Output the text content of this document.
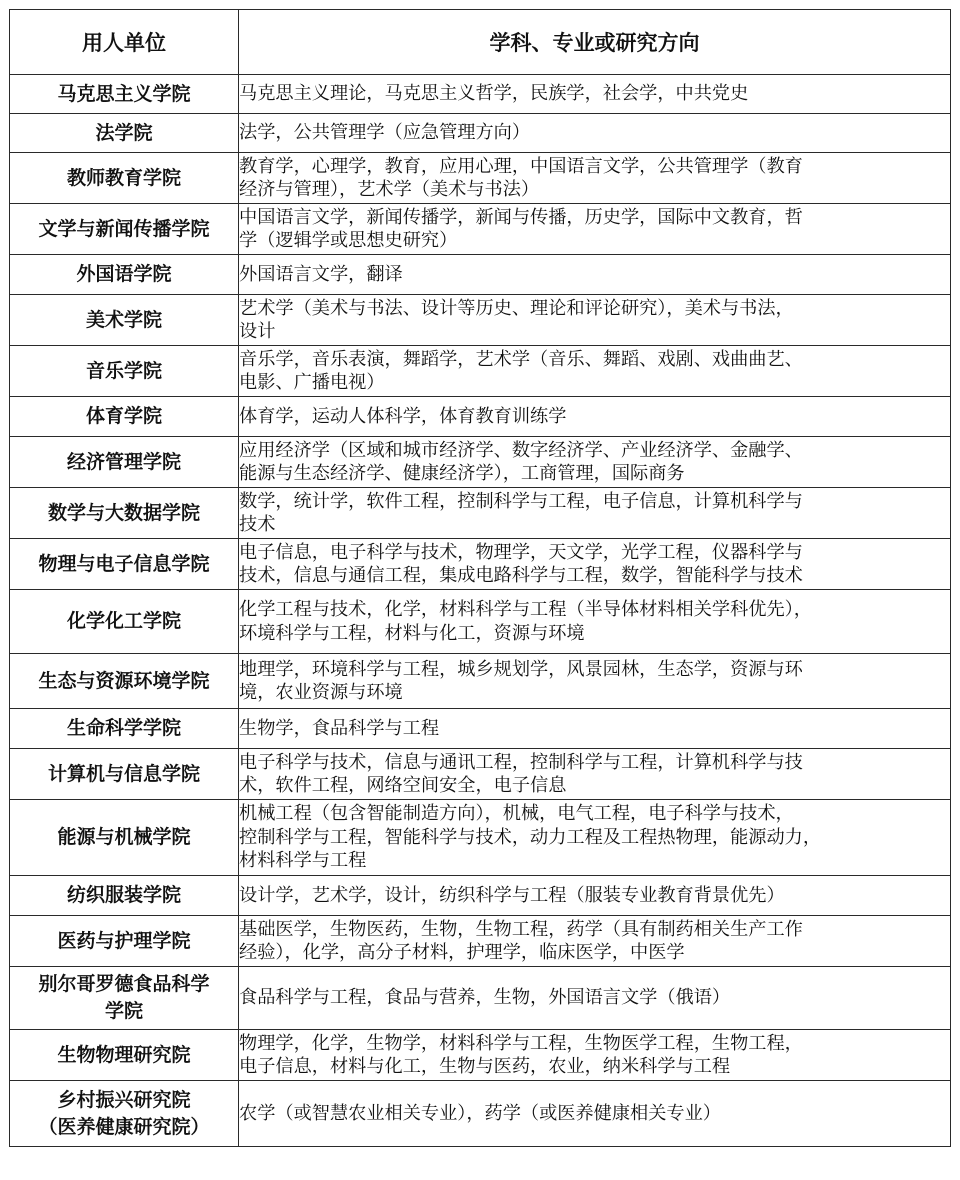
用人单位	学科、专业或研究方向

马克思主义学院	马克思主义理论，马克思主义哲学，民族学，社会学，中共党史

法学院	法学，公共管理学（应急管理方向）

教师教育学院	教育学，心理学，教育，应用心理，中国语言文学，公共管理学（教育
经济与管理），艺术学（美术与书法）

文学与新闻传播学院	中国语言文学，新闻传播学，新闻与传播，历史学，国际中文教育，哲
学（逻辑学或思想史研究）

外国语学院	外国语言文学，翻译

美术学院	艺术学（美术与书法、设计等历史、理论和评论研究），美术与书法，
设计

音乐学院	音乐学，音乐表演，舞蹈学，艺术学（音乐、舞蹈、戏剧、戏曲曲艺、
电影、广播电视）

体育学院	体育学，运动人体科学，体育教育训练学

经济管理学院	应用经济学（区域和城市经济学、数字经济学、产业经济学、金融学、
能源与生态经济学、健康经济学），工商管理，国际商务

数学与大数据学院	数学，统计学，软件工程，控制科学与工程，电子信息，计算机科学与
技术

物理与电子信息学院	电子信息，电子科学与技术，物理学，天文学，光学工程，仪器科学与
技术，信息与通信工程，集成电路科学与工程，数学，智能科学与技术

化学化工学院	化学工程与技术，化学，材料科学与工程（半导体材料相关学科优先），
环境科学与工程，材料与化工，资源与环境

生态与资源环境学院	地理学，环境科学与工程，城乡规划学，风景园林，生态学，资源与环
境，农业资源与环境

生命科学学院	生物学，食品科学与工程

计算机与信息学院	电子科学与技术，信息与通讯工程，控制科学与工程，计算机科学与技
术，软件工程，网络空间安全，电子信息

能源与机械学院	机械工程（包含智能制造方向），机械，电气工程，电子科学与技术，
控制科学与工程，智能科学与技术，动力工程及工程热物理，能源动力，
材料科学与工程

纺织服装学院	设计学，艺术学，设计，纺织科学与工程（服装专业教育背景优先）

医药与护理学院	基础医学，生物医药，生物，生物工程，药学（具有制药相关生产工作
经验），化学，高分子材料，护理学，临床医学，中医学

别尔哥罗德食品科学
学院	食品科学与工程，食品与营养，生物，外国语言文学（俄语）

生物物理研究院	物理学，化学，生物学，材料科学与工程，生物医学工程，生物工程，
电子信息，材料与化工，生物与医药，农业，纳米科学与工程

乡村振兴研究院
（医养健康研究院）	农学（或智慧农业相关专业），药学（或医养健康相关专业）
